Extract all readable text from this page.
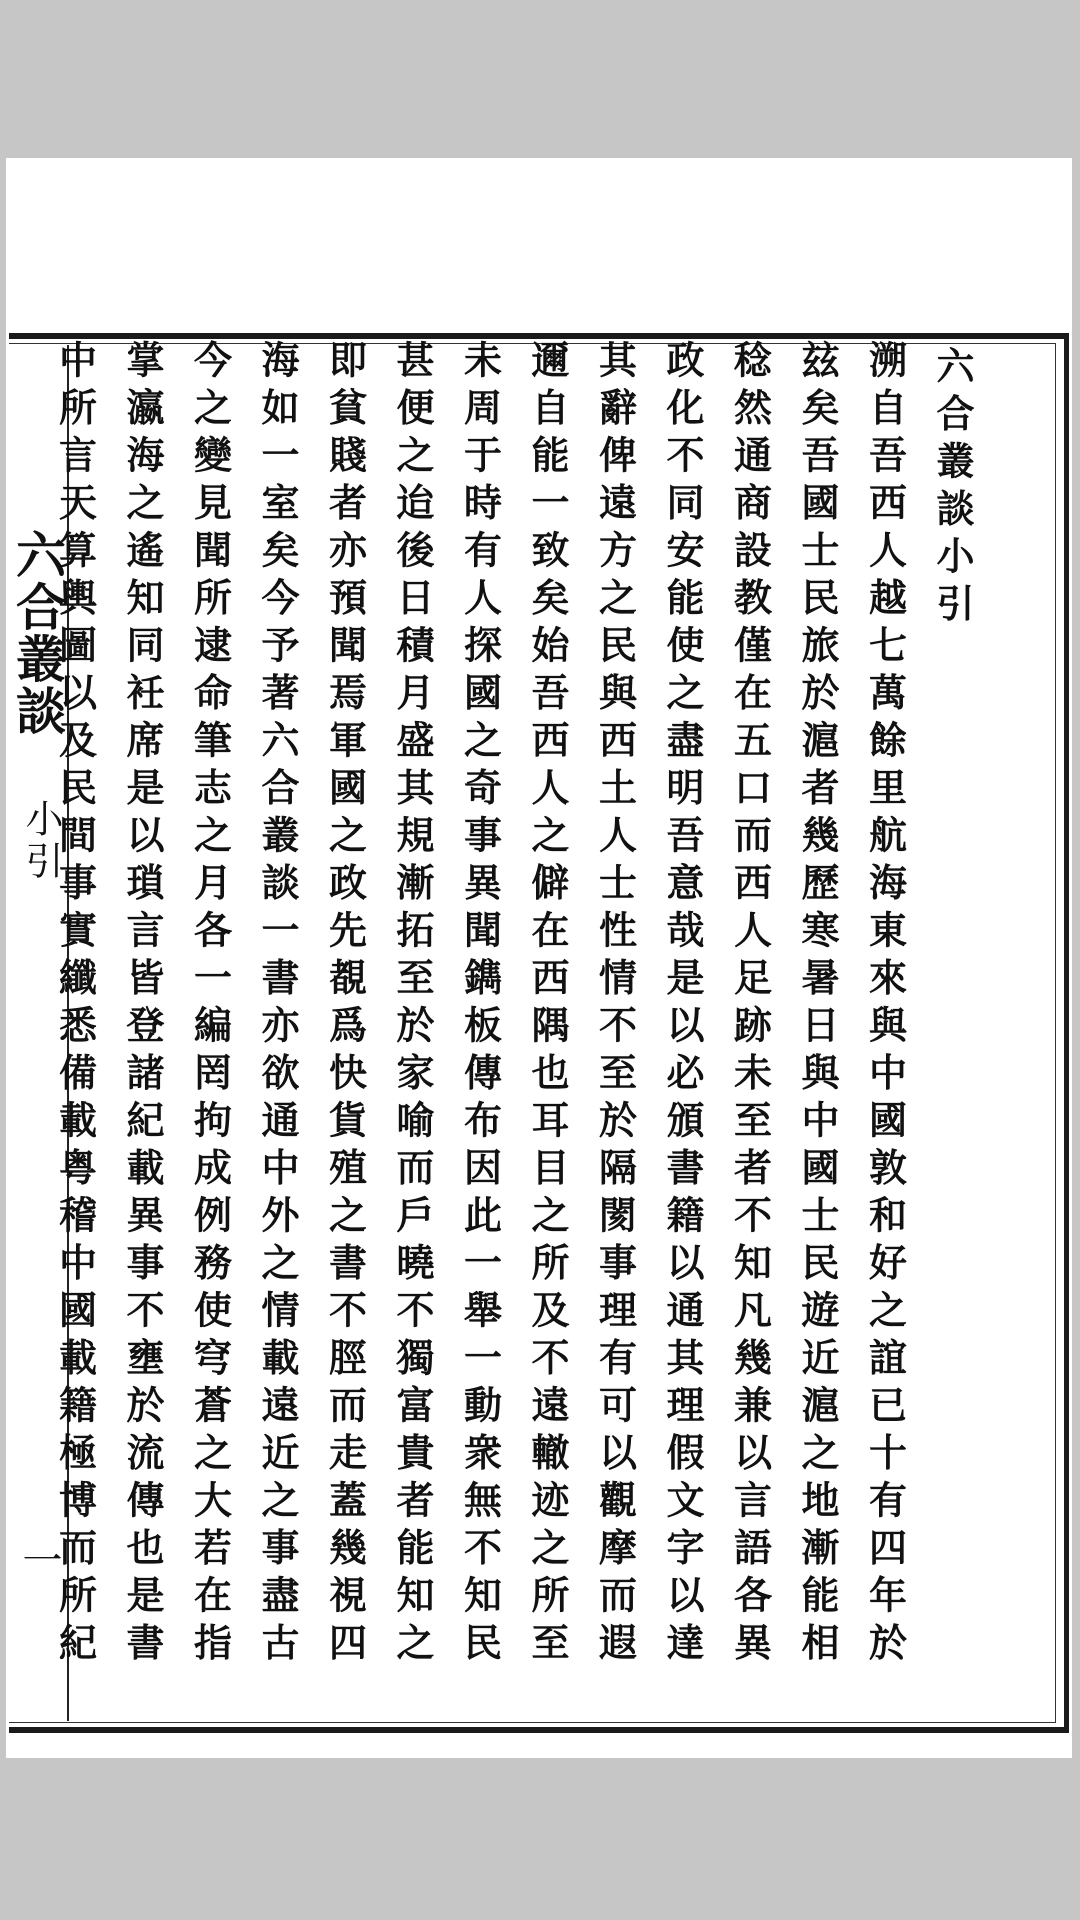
六合叢談
小引
一
六合叢談小引
溯自吾西人越七萬餘里航海東來與中國敦和好之誼已十有四年於
玆矣吾國士民旅於滬者幾歷寒暑日與中國士民遊近滬之地漸能相
稔然通商設教僅在五口而西人足跡未至者不知凡幾兼以言語各異
政化不同安能使之盡明吾意哉是以必頒書籍以通其理假文字以達
其辭俾遠方之民與西土人士性情不至於隔閡事理有可以觀摩而遐
邇自能一致矣始吾西人之僻在西隅也耳目之所及不遠轍迹之所至
未周于時有人探國之奇事異聞鐫板傳布因此一舉一動衆無不知民
甚便之迨後日積月盛其規漸拓至於家喻而戶曉不獨富貴者能知之
即貧賤者亦預聞焉軍國之政先覩爲快貨殖之書不脛而走蓋幾視四
海如一室矣今予著六合叢談一書亦欲通中外之情載遠近之事盡古
今之變見聞所逮命筆志之月各一編罔拘成例務使穹蒼之大若在指
掌瀛海之遙知同衽席是以瑣言皆登諸紀載異事不壅於流傳也是書
中所言天算輿圖以及民間事實纖悉備載粤稽中國載籍極博而所紀
